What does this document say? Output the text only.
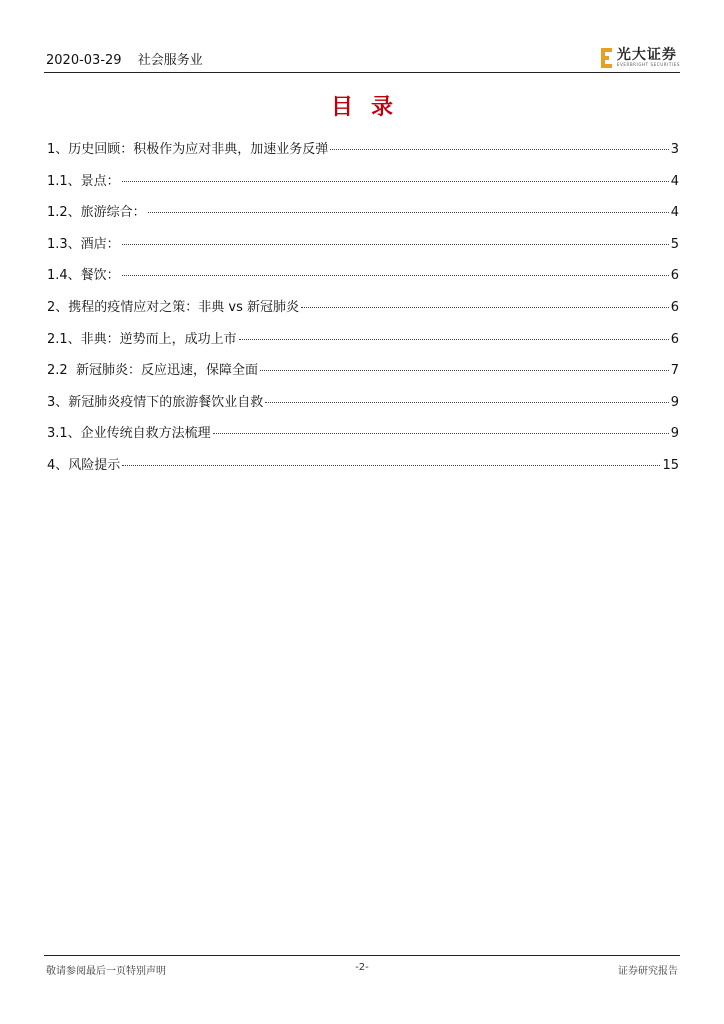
2020-03-29 社会服务业	光大证券
EVERBRIGHT SECURITIES
目录
1、历史回顾：积极作为应对非典，加速业务反弹	3
1.1、景点：	4
1.2、旅游综合：	4
1.3、酒店：	5
1.4、餐饮：	6
2、携程的疫情应对之策：非典 vs 新冠肺炎	6
2.1、非典：逆势而上，成功上市	6
2.2  新冠肺炎：反应迅速，保障全面	7
3、新冠肺炎疫情下的旅游餐饮业自救	9
3.1、企业传统自救方法梳理	9
4、风险提示	15
敬请参阅最后一页特别声明	-2-	证券研究报告
